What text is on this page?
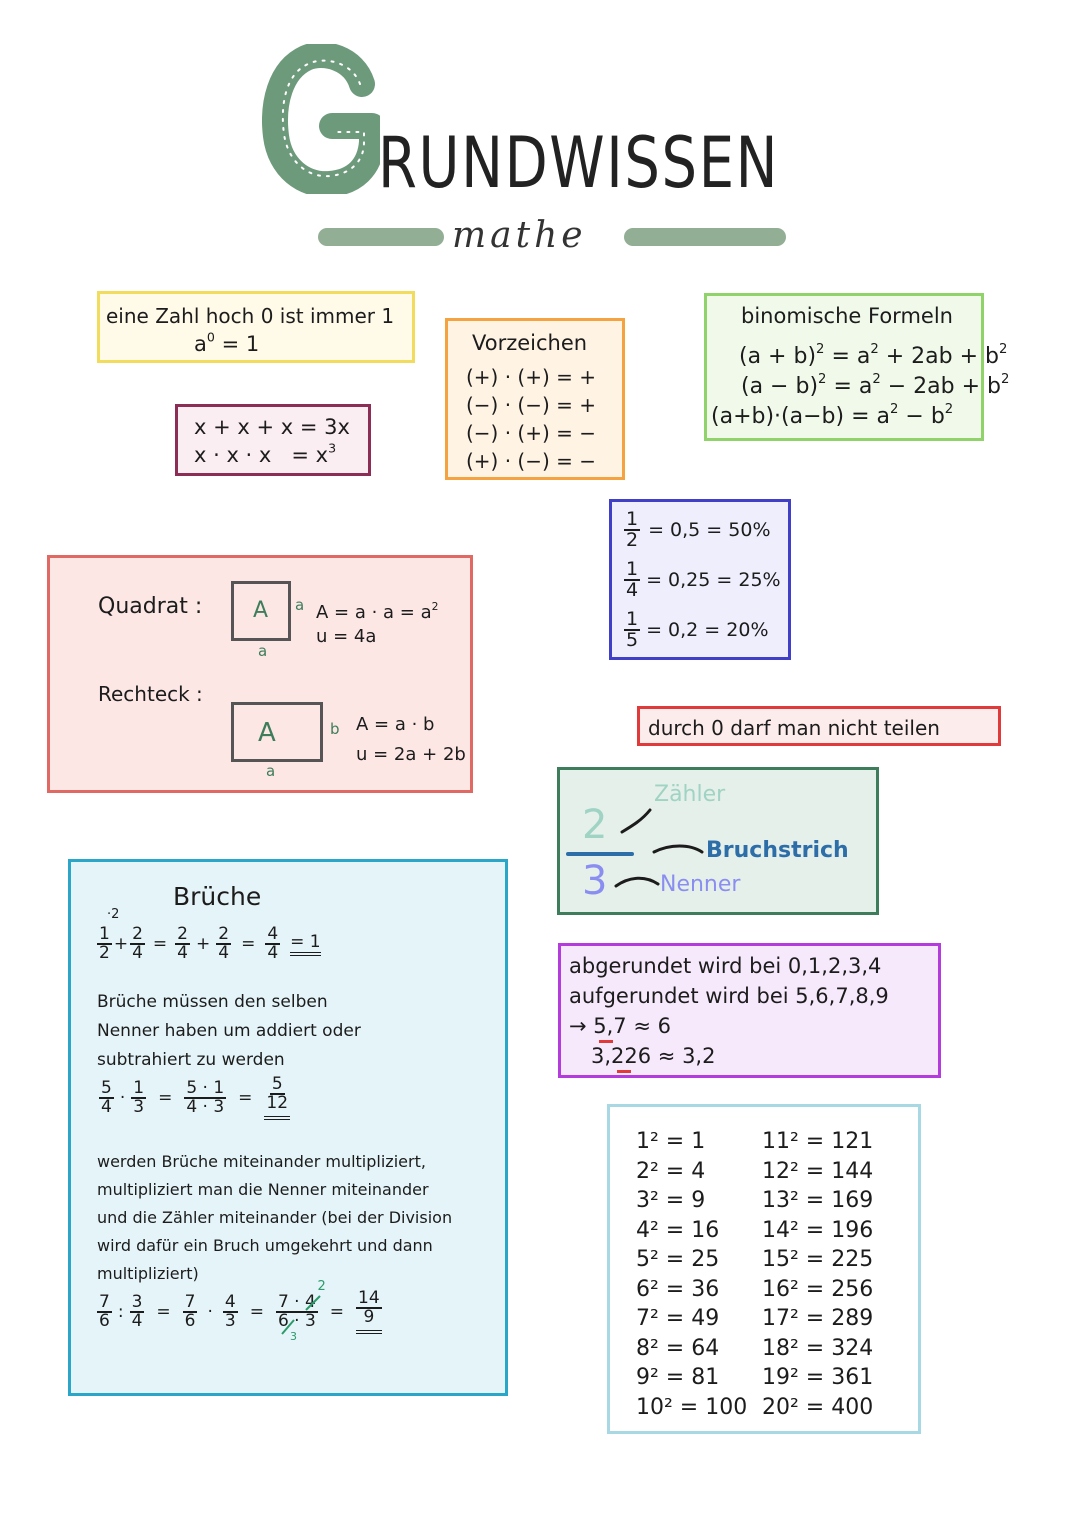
RUNDWISSEN
mathe
eine Zahl hoch 0 ist immer 1
$a^0 = 1$
x + x + x = 3x
$x \cdot x \cdot x = x^3$
Vorzeichen
(+) · (+) = +
(−) · (−) = +
(−) · (+) = −
(+) · (−) = −
binomische Formeln
$(a + b)^2 = a^2 + 2ab + b^2$
$(a - b)^2 = a^2 - 2ab + b^2$
$(a+b)\cdot(a-b) = a^2 - b^2$
$\frac{1}{2} = 0,5 = 50\%$
$\frac{1}{4} = 0,25 = 25\%$
$\frac{1}{5} = 0,2 = 20\%$
Quadrat : A a
a
$A = a \cdot a = a^2$
u = 4a
Rechteck :
A	b
a
A = a · b
u = 2a + 2b
durch 0 darf man nicht teilen
2
3
Zähler
Bruchstrich
Nenner
abgerundet wird bei 0,1,2,3,4
aufgerundet wird bei 5,6,7,8,9
→ 5,7 ≈ 6
3,226 ≈ 3,2
1² = 1
2² = 4
3² = 9
4² = 16
5² = 25
6² = 36
7² = 49
8² = 64
9² = 81
10² = 100
11² = 121
12² = 144
13² = 169
14² = 196
15² = 225
16² = 256
17² = 289
18² = 324
19² = 361
20² = 400
Brüche
·2
1
$2 + \frac{2}{4} = \frac{2}{4} + \frac{2}{4} = \frac{4}{4} = 1$
Brüche müssen den selben
Nenner haben um addiert oder
subtrahiert zu werden
$\frac{5}{4} \cdot \frac{1}{3} = \frac{5 \cdot 1}{4 \cdot 3} = \frac{5}{12}$
werden Brüche miteinander multipliziert,
multipliziert man die Nenner miteinander
und die Zähler miteinander (bei der Division
wird dafür ein Bruch umgekehrt und dann
multipliziert)
$\frac{7}{6}$ : $\frac{3}{4} = \frac{7}{6} \cdot \frac{4}{3} = 7 \cdot 4$
6 · 3
2
3
= $\frac{14}{9}$
